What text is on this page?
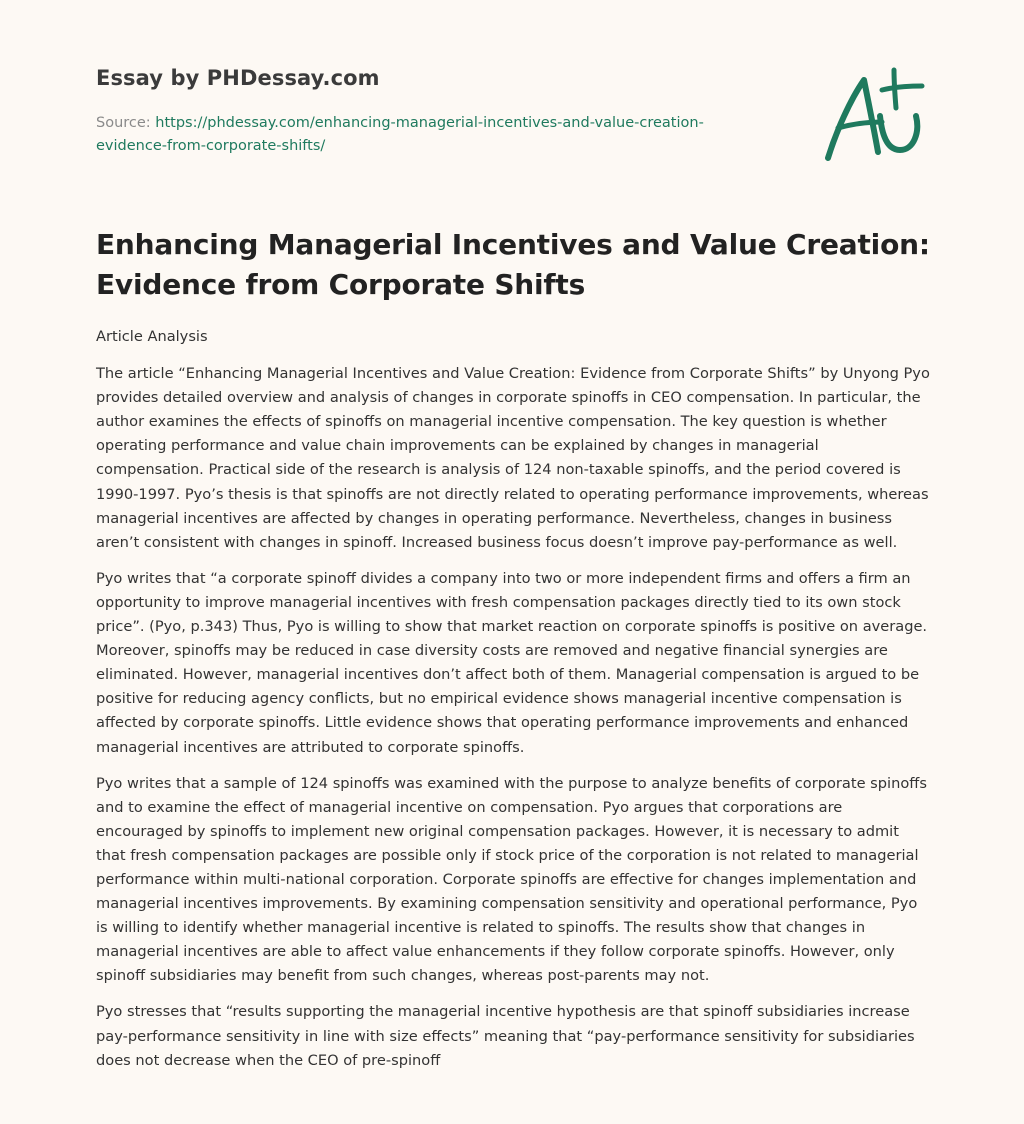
Essay by PHDessay.com
Source: https://phdessay.com/enhancing-managerial-incentives-and-value-creation-evidence-from-corporate-shifts/
Enhancing Managerial Incentives and Value Creation: Evidence from Corporate Shifts

Article Analysis

The article “Enhancing Managerial Incentives and Value Creation: Evidence from Corporate Shifts” by Unyong Pyo provides detailed overview and analysis of changes in corporate spinoffs in CEO compensation. In particular, the author examines the effects of spinoffs on managerial incentive compensation. The key question is whether operating performance and value chain improvements can be explained by changes in managerial compensation. Practical side of the research is analysis of 124 non-taxable spinoffs, and the period covered is 1990-1997. Pyo’s thesis is that spinoffs are not directly related to operating performance improvements, whereas managerial incentives are affected by changes in operating performance. Nevertheless, changes in business aren’t consistent with changes in spinoff. Increased business focus doesn’t improve pay-performance as well.

Pyo writes that “a corporate spinoff divides a company into two or more independent firms and offers a firm an opportunity to improve managerial incentives with fresh compensation packages directly tied to its own stock price”. (Pyo, p.343) Thus, Pyo is willing to show that market reaction on corporate spinoffs is positive on average. Moreover, spinoffs may be reduced in case diversity costs are removed and negative financial synergies are eliminated. However, managerial incentives don’t affect both of them. Managerial compensation is argued to be positive for reducing agency conflicts, but no empirical evidence shows managerial incentive compensation is affected by corporate spinoffs. Little evidence shows that operating performance improvements and enhanced managerial incentives are attributed to corporate spinoffs.

Pyo writes that a sample of 124 spinoffs was examined with the purpose to analyze benefits of corporate spinoffs and to examine the effect of managerial incentive on compensation. Pyo argues that corporations are encouraged by spinoffs to implement new original compensation packages. However, it is necessary to admit that fresh compensation packages are possible only if stock price of the corporation is not related to managerial performance within multi-national corporation. Corporate spinoffs are effective for changes implementation and managerial incentives improvements. By examining compensation sensitivity and operational performance, Pyo is willing to identify whether managerial incentive is related to spinoffs. The results show that changes in managerial incentives are able to affect value enhancements if they follow corporate spinoffs. However, only spinoff subsidiaries may benefit from such changes, whereas post-parents may not.

Pyo stresses that “results supporting the managerial incentive hypothesis are that spinoff subsidiaries increase pay-performance sensitivity in line with size effects” meaning that “pay-performance sensitivity for subsidiaries does not decrease when the CEO of pre-spinoff
